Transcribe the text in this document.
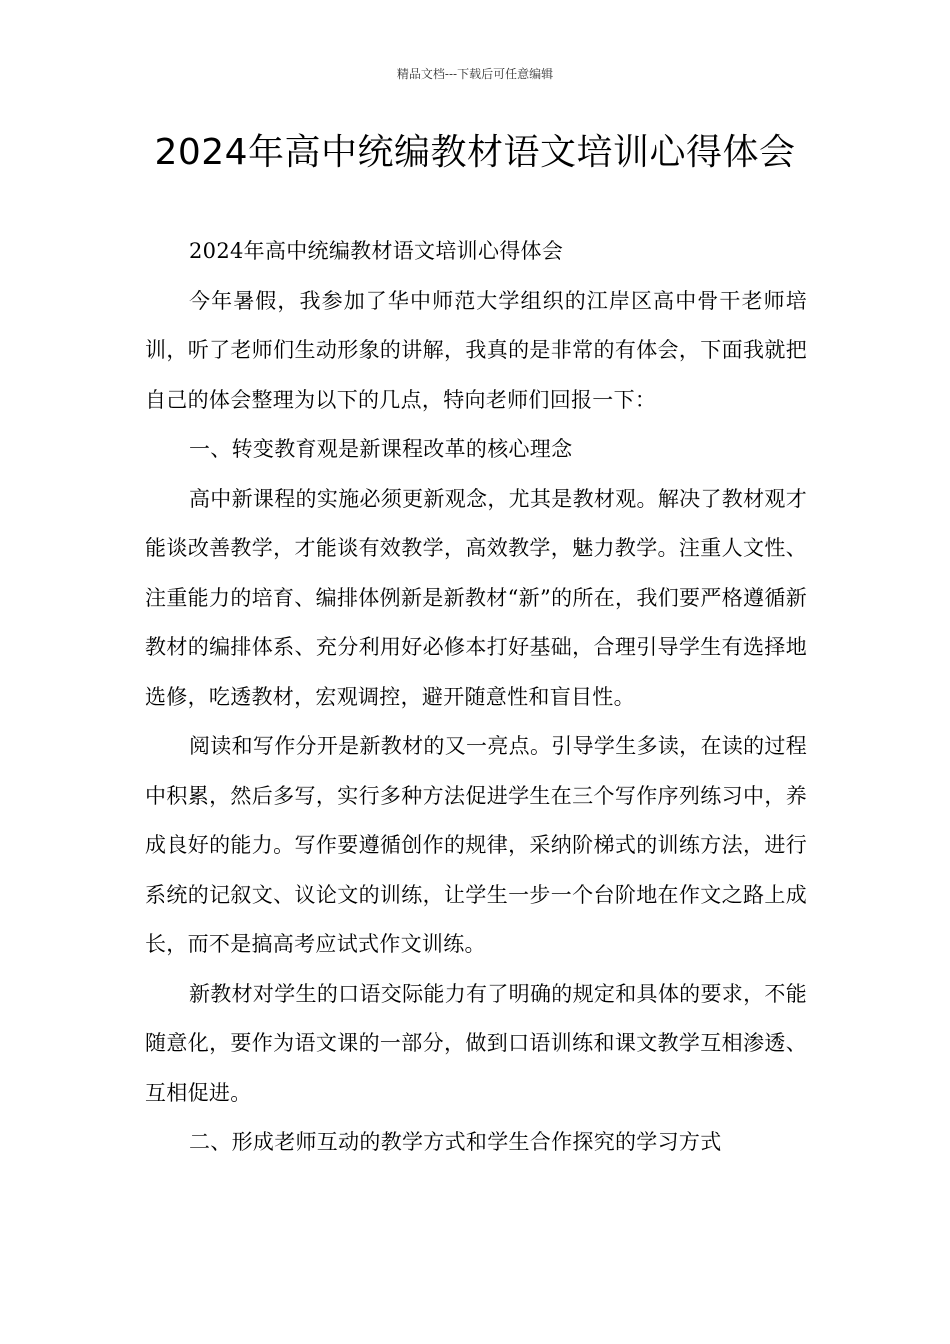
精品文档---下载后可任意编辑
2024年高中统编教材语文培训心得体会

2024年高中统编教材语文培训心得体会

今年暑假，我参加了华中师范大学组织的江岸区高中骨干老师培训，听了老师们生动形象的讲解，我真的是非常的有体会，下面我就把自己的体会整理为以下的几点，特向老师们回报一下：

一、转变教育观是新课程改革的核心理念

高中新课程的实施必须更新观念，尤其是教材观。解决了教材观才能谈改善教学，才能谈有效教学，高效教学，魅力教学。注重人文性、注重能力的培育、编排体例新是新教材“新”的所在，我们要严格遵循新教材的编排体系、充分利用好必修本打好基础，合理引导学生有选择地选修，吃透教材，宏观调控，避开随意性和盲目性。

阅读和写作分开是新教材的又一亮点。引导学生多读，在读的过程中积累，然后多写，实行多种方法促进学生在三个写作序列练习中，养成良好的能力。写作要遵循创作的规律，采纳阶梯式的训练方法，进行系统的记叙文、议论文的训练，让学生一步一个台阶地在作文之路上成长，而不是搞高考应试式作文训练。

新教材对学生的口语交际能力有了明确的规定和具体的要求，不能随意化，要作为语文课的一部分，做到口语训练和课文教学互相渗透、互相促进。

二、形成老师互动的教学方式和学生合作探究的学习方式
